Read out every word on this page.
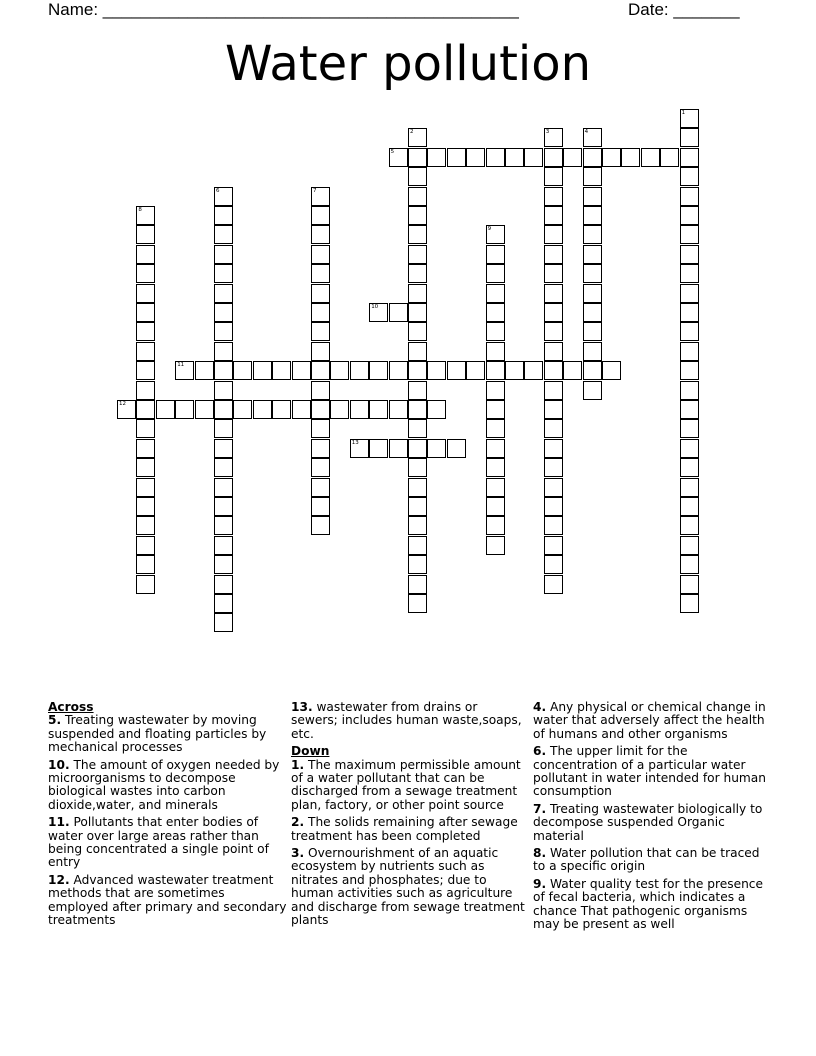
Name: ____________________________________________	Date: _______
Water pollution
1
2	3	4
5
6	7
8
9
10
11
12
13
Across
5. Treating wastewater by moving suspended and floating particles by mechanical processes
10. The amount of oxygen needed by microorganisms to decompose biological wastes into carbon dioxide,water, and minerals
11. Pollutants that enter bodies of water over large areas rather than being concentrated a single point of entry
12. Advanced wastewater treatment methods that are sometimes employed after primary and secondary treatments
13. wastewater from drains or sewers; includes human waste,soaps, etc.
Down
1. The maximum permissible amount of a water pollutant that can be discharged from a sewage treatment plan, factory, or other point source
2. The solids remaining after sewage treatment has been completed
3. Overnourishment of an aquatic ecosystem by nutrients such as nitrates and phosphates; due to human activities such as agriculture and discharge from sewage treatment plants
4. Any physical or chemical change in water that adversely affect the health of humans and other organisms
6. The upper limit for the concentration of a particular water pollutant in water intended for human consumption
7. Treating wastewater biologically to decompose suspended Organic material
8. Water pollution that can be traced to a specific origin
9. Water quality test for the presence of fecal bacteria, which indicates a chance That pathogenic organisms may be present as well
